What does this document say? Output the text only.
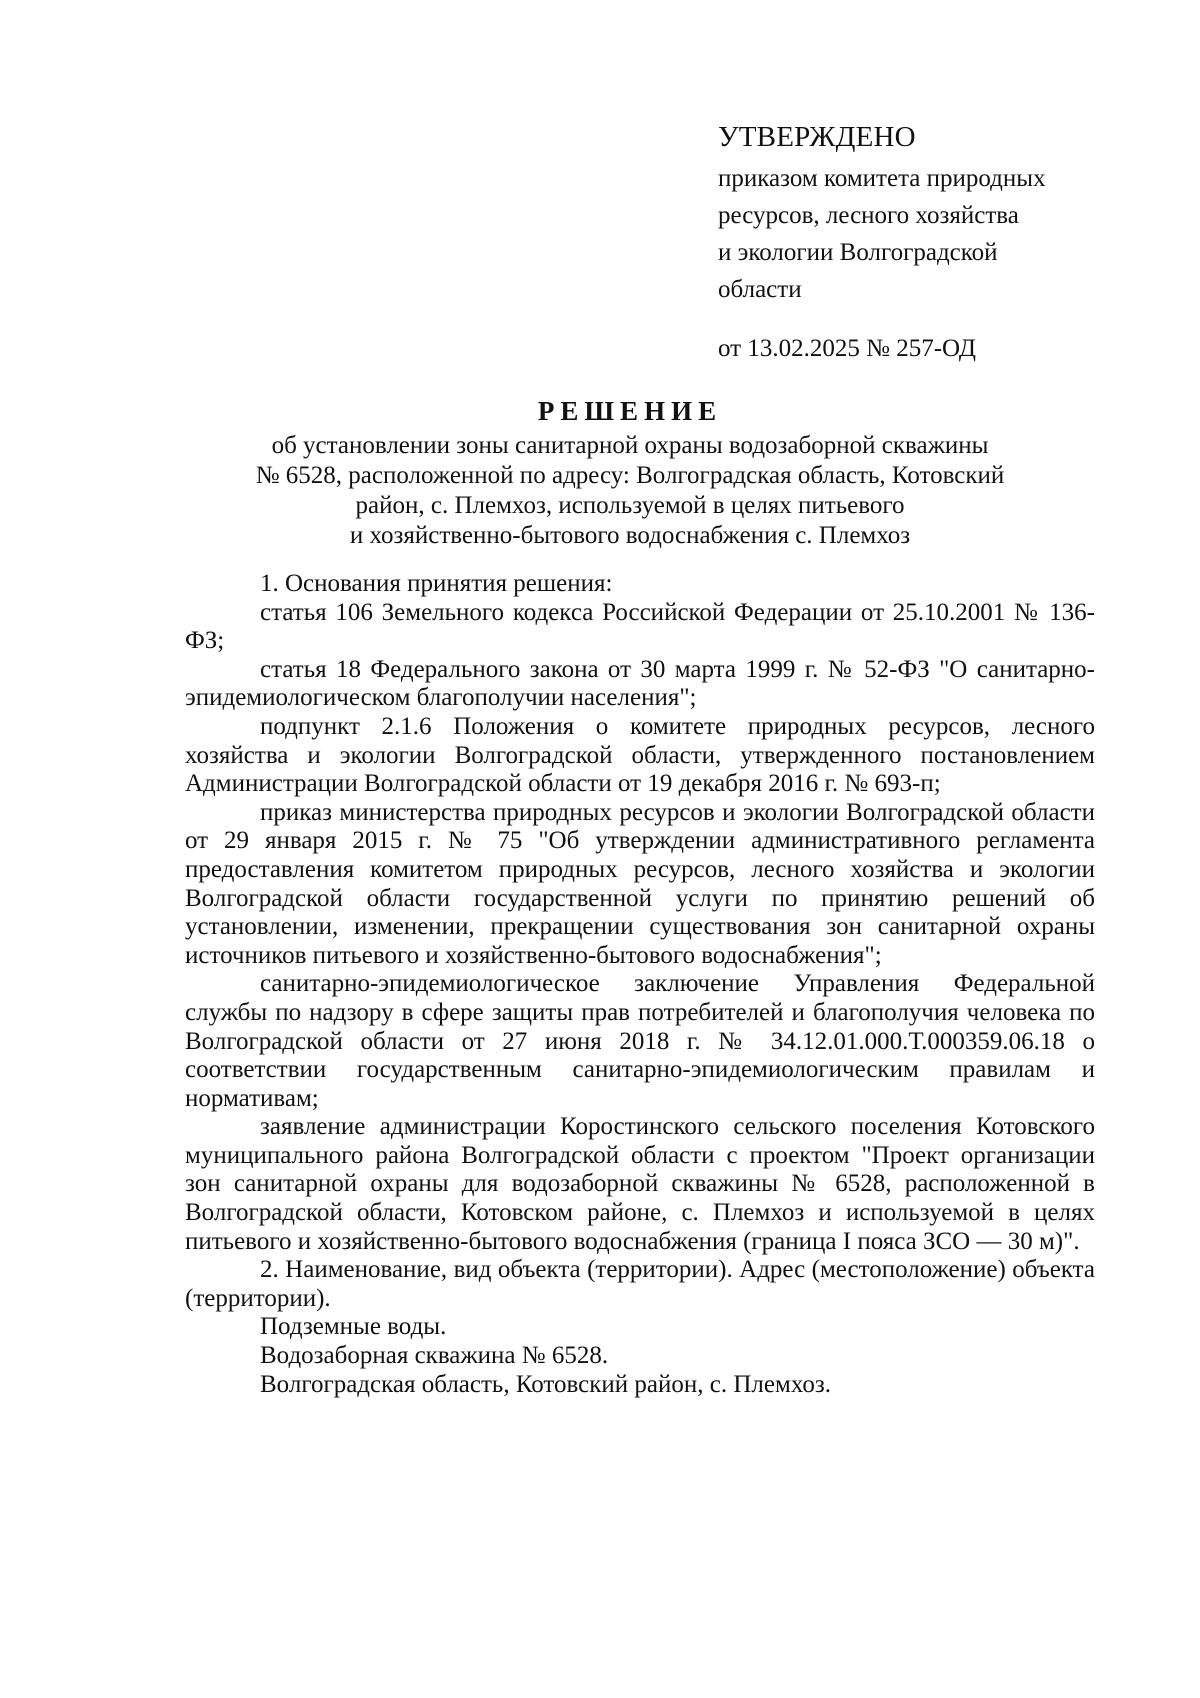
УТВЕРЖДЕНО

приказом комитета природных

ресурсов, лесного хозяйства

и экологии Волгоградской

области

от 13.02.2025 № 257-ОД

РЕШЕНИЕ

об установлении зоны санитарной охраны водозаборной скважины

№ 6528, расположенной по адресу: Волгоградская область, Котовский

район, с. Племхоз, используемой в целях питьевого

и хозяйственно-бытового водоснабжения с. Племхоз

1. Основания принятия решения:

статья 106 Земельного кодекса Российской Федерации от 25.10.2001 № 136-ФЗ;

статья 18 Федерального закона от 30 марта 1999 г. № 52-ФЗ "О санитарно-эпидемиологическом благополучии населения";

подпункт 2.1.6 Положения о комитете природных ресурсов, лесного хозяйства и экологии Волгоградской области, утвержденного постановлением Администрации Волгоградской области от 19 декабря 2016 г. № 693-п;

приказ министерства природных ресурсов и экологии Волгоградской области от 29 января 2015 г. № 75 "Об утверждении административного регламента предоставления комитетом природных ресурсов, лесного хозяйства и экологии Волгоградской области государственной услуги по принятию решений об установлении, изменении, прекращении существования зон санитарной охраны источников питьевого и хозяйственно-бытового водоснабжения";

санитарно-эпидемиологическое заключение Управления Федеральной службы по надзору в сфере защиты прав потребителей и благополучия человека по Волгоградской области от 27 июня 2018 г. № 34.12.01.000.Т.000359.06.18 о соответствии государственным санитарно-эпидемиологическим правилам и нормативам;

заявление администрации Коростинского сельского поселения Котовского муниципального района Волгоградской области с проектом "Проект организации зон санитарной охраны для водозаборной скважины № 6528, расположенной в Волгоградской области, Котовском районе, с. Племхоз и используемой в целях питьевого и хозяйственно-бытового водоснабжения (граница I пояса ЗСО — 30 м)".

2. Наименование, вид объекта (территории). Адрес (местоположение) объекта (территории).

Подземные воды.

Водозаборная скважина № 6528.

Волгоградская область, Котовский район, с. Племхоз.
